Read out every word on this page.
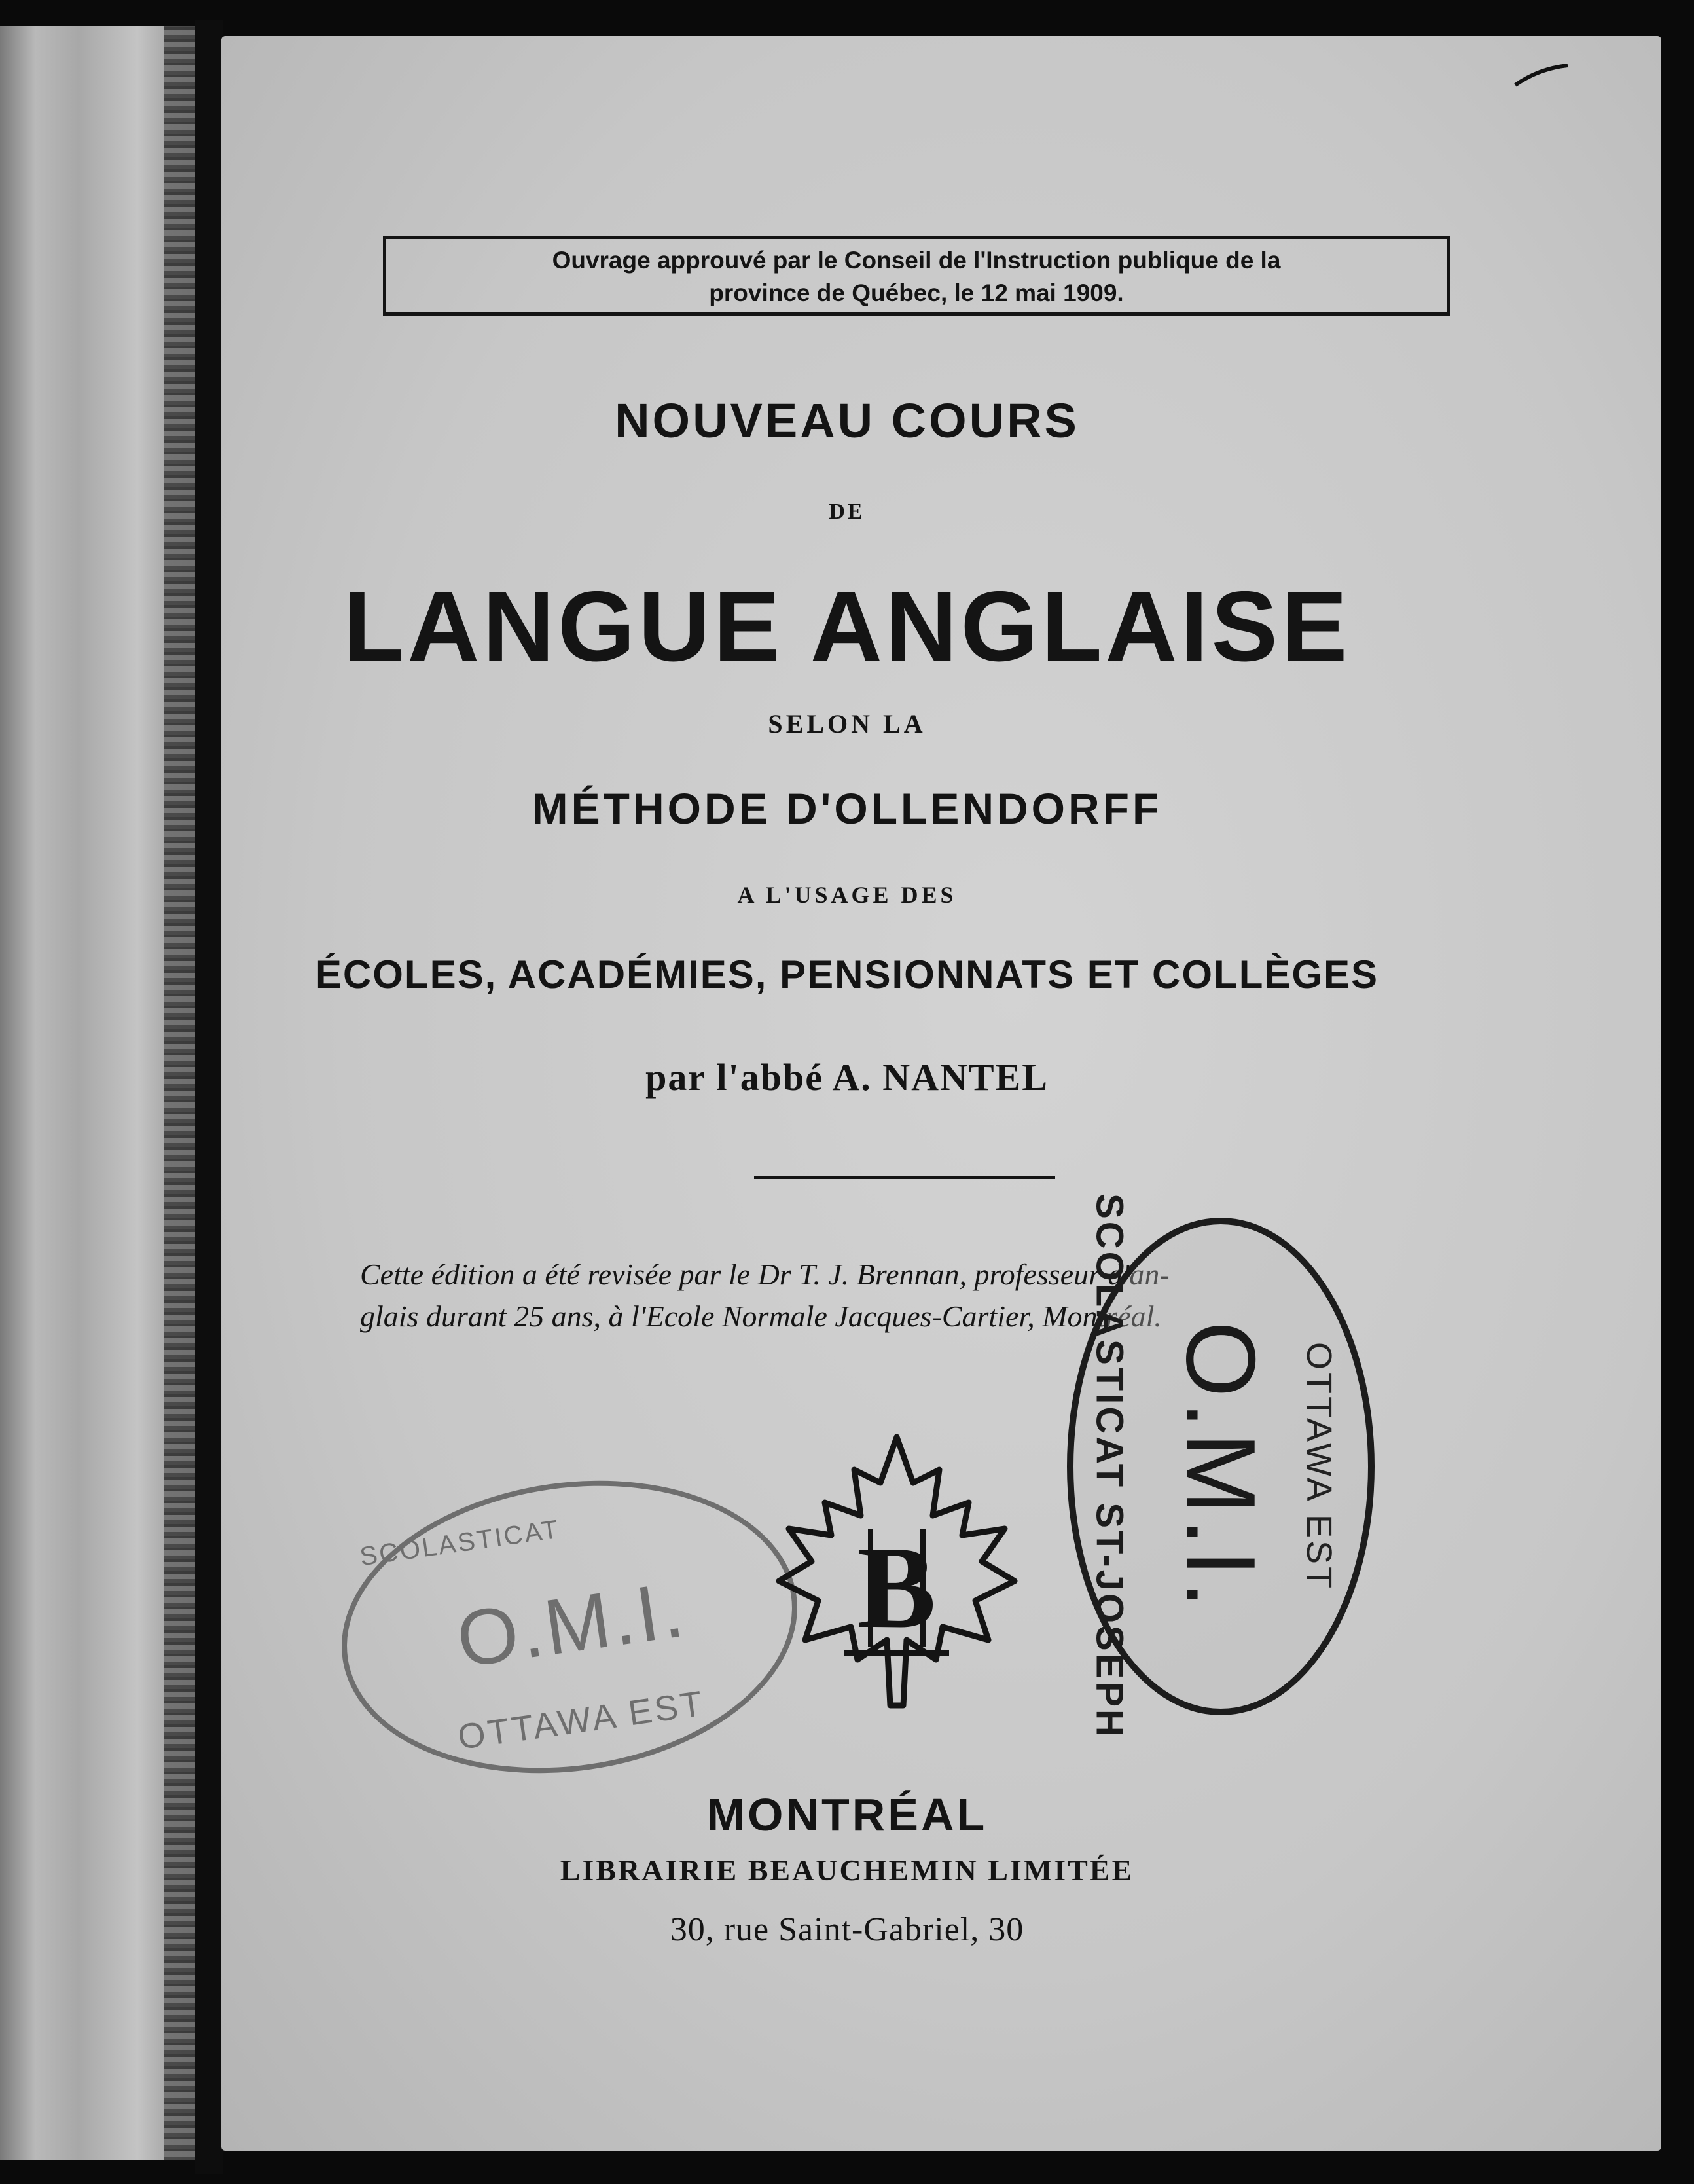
Ouvrage approuvé par le Conseil de l'Instruction publique de la
province de Québec, le 12 mai 1909.
NOUVEAU COURS
DE
LANGUE ANGLAISE
SELON LA
MÉTHODE D'OLLENDORFF
A L'USAGE DES
ÉCOLES, ACADÉMIES, PENSIONNATS ET COLLÈGES
par l'abbé A. NANTEL
Cette édition a été revisée par le Dr T. J. Brennan, professeur d'an-
glais durant 25 ans, à l'Ecole Normale Jacques-Cartier, Montréal.
SCOLASTICAT
O.M.I.
OTTAWA EST
B	OTTAWA EST
O.M.I.
SCOLASTICAT ST-JOSEPH
MONTRÉAL
LIBRAIRIE BEAUCHEMIN LIMITÉE
30, rue Saint-Gabriel, 30
